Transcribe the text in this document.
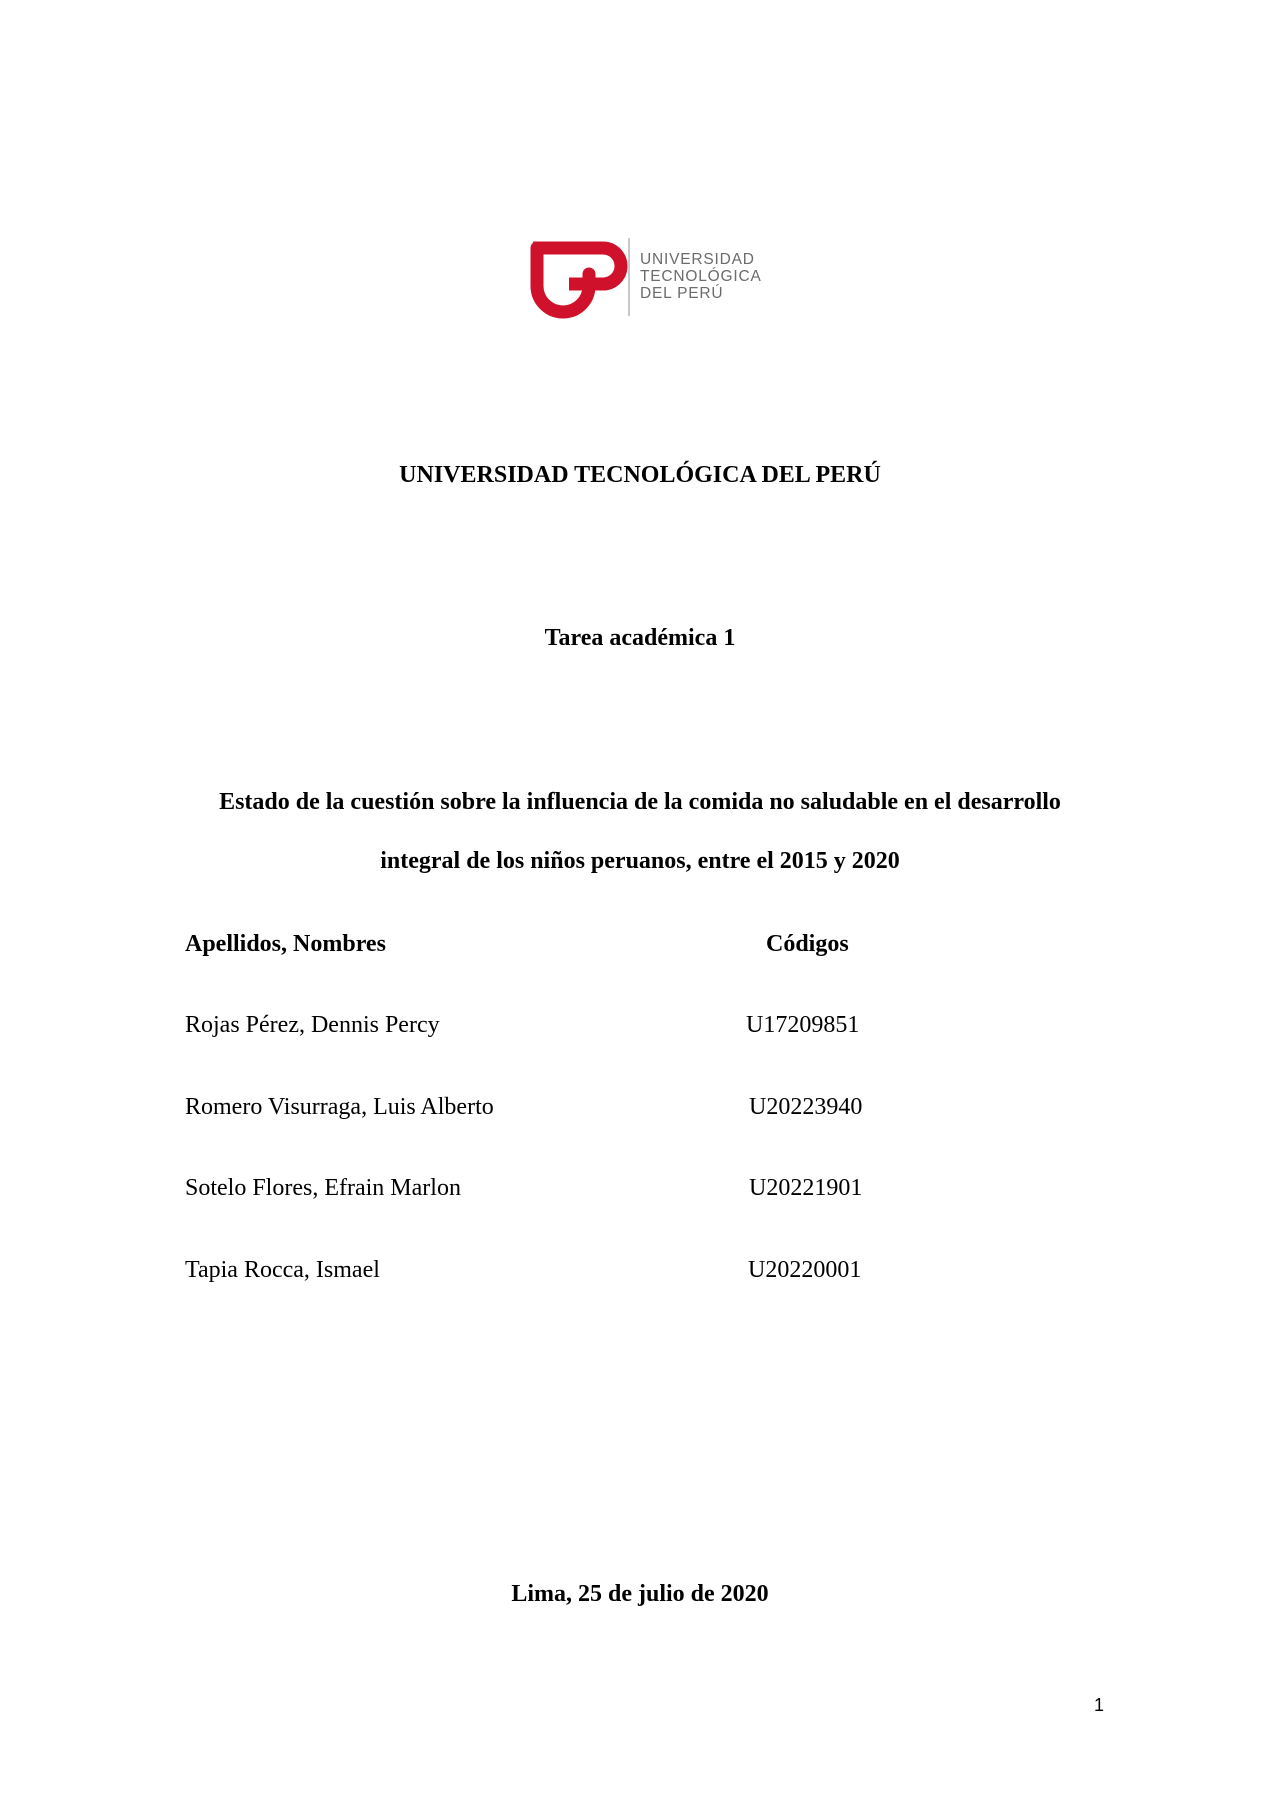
UNIVERSIDAD
TECNOLÓGICA
DEL PERÚ
UNIVERSIDAD TECNOLÓGICA DEL PERÚ
Tarea académica 1
Estado de la cuestión sobre la influencia de la comida no saludable en el desarrollo
integral de los niños peruanos, entre el 2015 y 2020
Apellidos, Nombres	Códigos
Rojas Pérez, Dennis Percy	U17209851
Romero Visurraga, Luis Alberto	U20223940
Sotelo Flores, Efrain Marlon	U20221901
Tapia Rocca, Ismael	U20220001
Lima, 25 de julio de 2020
1
